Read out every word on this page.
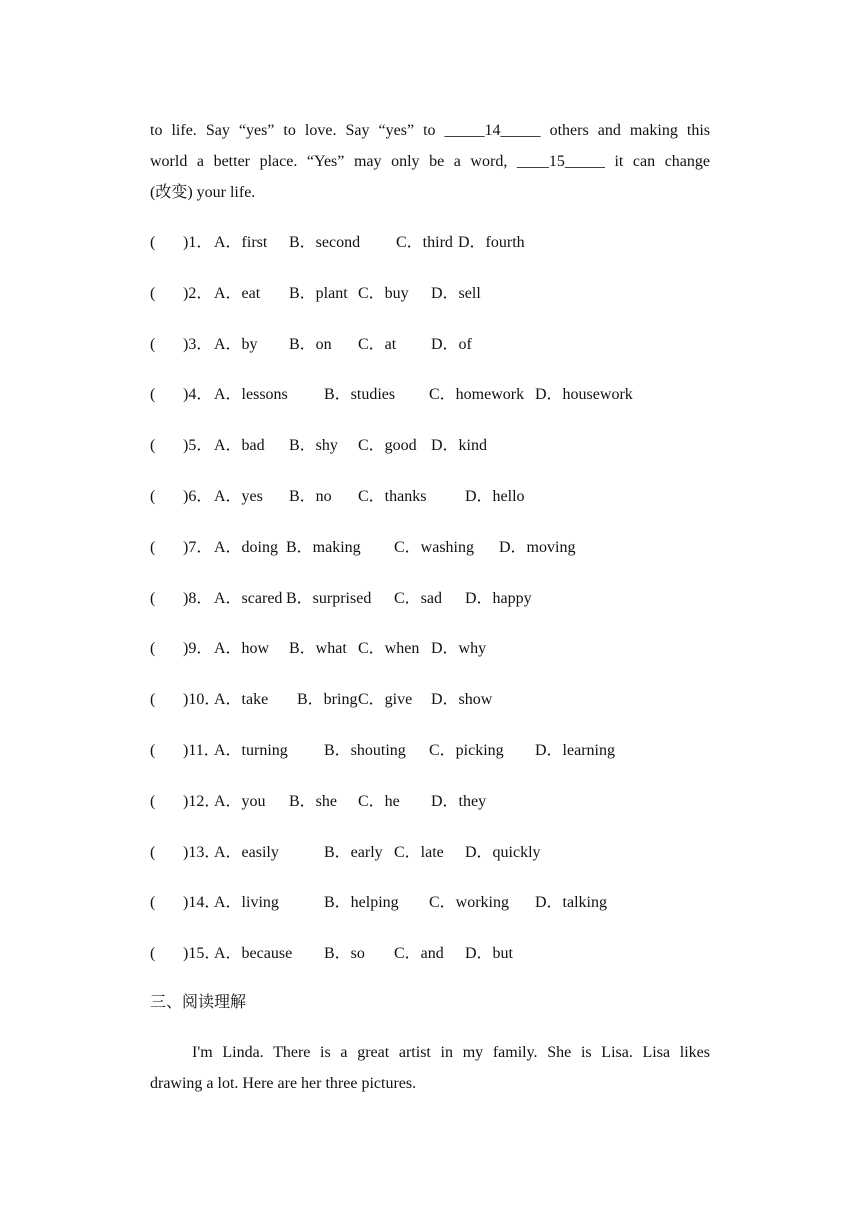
to life. Say “yes” to love. Say “yes” to _____14_____ others and making this
world a better place. “Yes” may only be a word, ____15_____ it can change
(改变) your life.
( )1． A．first B．second C．third D．fourth
( )2． A．eat B．plant C．buy D．sell
( )3． A．by B．on C．at D．of
( )4． A．lessons B．studies C．homework D．housework
( )5． A．bad B．shy C．good D．kind
( )6． A．yes B．no C．thanks D．hello
( )7． A．doing B．making C．washing D．moving
( )8． A．scared B．surprised C．sad D．happy
( )9． A．how B．what C．when D．why
( )10．
A．take B．bring C．give D．show
( )11．
A．turning B．shouting C．picking D．learning
( )12．
A．you B．she C．he D．they
( )13．
A．easily	B．early C．late D．quickly
( )14．
A．living	B．helping C．working D．talking
( )15．
A．because B．so C．and D．but
三、阅读理解
I'm Linda. There is a great artist in my family. She is Lisa. Lisa likes
drawing a lot. Here are her three pictures.
